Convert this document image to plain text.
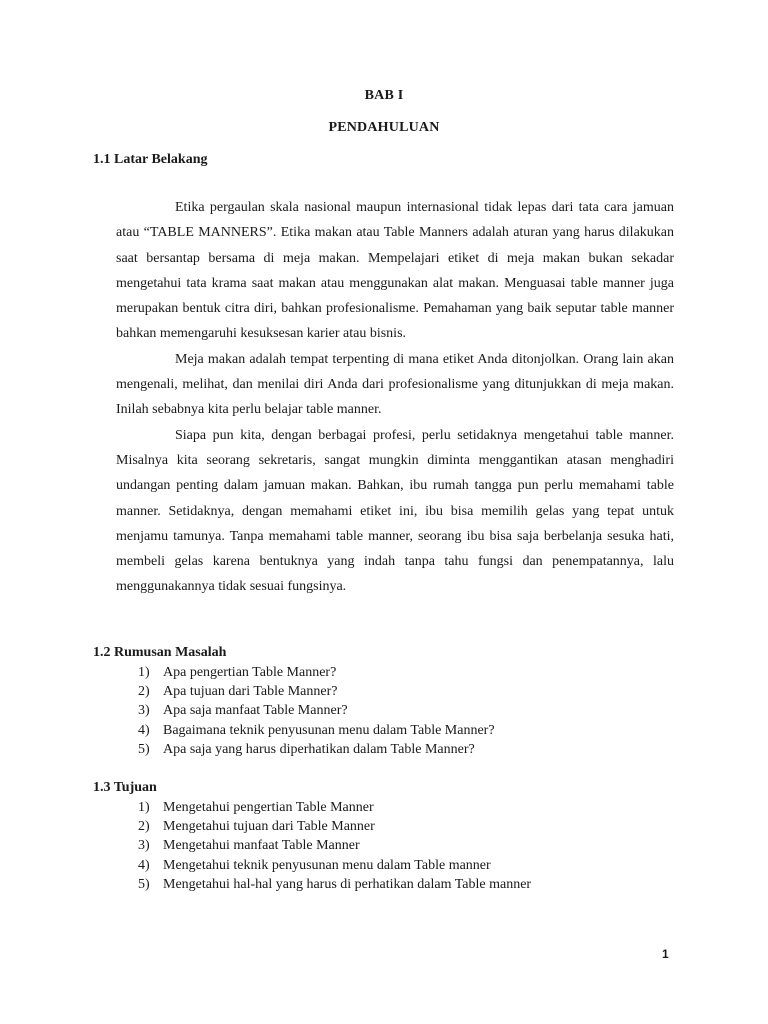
BAB I
PENDAHULUAN
1.1 Latar Belakang

Etika pergaulan skala nasional maupun internasional tidak lepas dari tata cara jamuan atau “TABLE MANNERS”. Etika makan atau Table Manners adalah aturan yang harus dilakukan saat bersantap bersama di meja makan. Mempelajari etiket di meja makan bukan sekadar mengetahui tata krama saat makan atau menggunakan alat makan. Menguasai table manner juga merupakan bentuk citra diri, bahkan profesionalisme. Pemahaman yang baik seputar table manner bahkan memengaruhi kesuksesan karier atau bisnis.

Meja makan adalah tempat terpenting di mana etiket Anda ditonjolkan. Orang lain akan mengenali, melihat, dan menilai diri Anda dari profesionalisme yang ditunjukkan di meja makan. Inilah sebabnya kita perlu belajar table manner.

Siapa pun kita, dengan berbagai profesi, perlu setidaknya mengetahui table manner. Misalnya kita seorang sekretaris, sangat mungkin diminta menggantikan atasan menghadiri undangan penting dalam jamuan makan. Bahkan, ibu rumah tangga pun perlu memahami table manner. Setidaknya, dengan memahami etiket ini, ibu bisa memilih gelas yang tepat untuk menjamu tamunya. Tanpa memahami table manner, seorang ibu bisa saja berbelanja sesuka hati, membeli gelas karena bentuknya yang indah tanpa tahu fungsi dan penempatannya, lalu menggunakannya tidak sesuai fungsinya.

1.2 Rumusan Masalah
1) Apa pengertian Table Manner?
2) Apa tujuan dari Table Manner?
3) Apa saja manfaat Table Manner?
4) Bagaimana teknik penyusunan menu dalam Table Manner?
5) Apa saja yang harus diperhatikan dalam Table Manner?
1.3 Tujuan
1) Mengetahui pengertian Table Manner
2) Mengetahui tujuan dari Table Manner
3) Mengetahui manfaat Table Manner
4) Mengetahui teknik penyusunan menu dalam Table manner
5) Mengetahui hal-hal yang harus di perhatikan dalam Table manner
1
